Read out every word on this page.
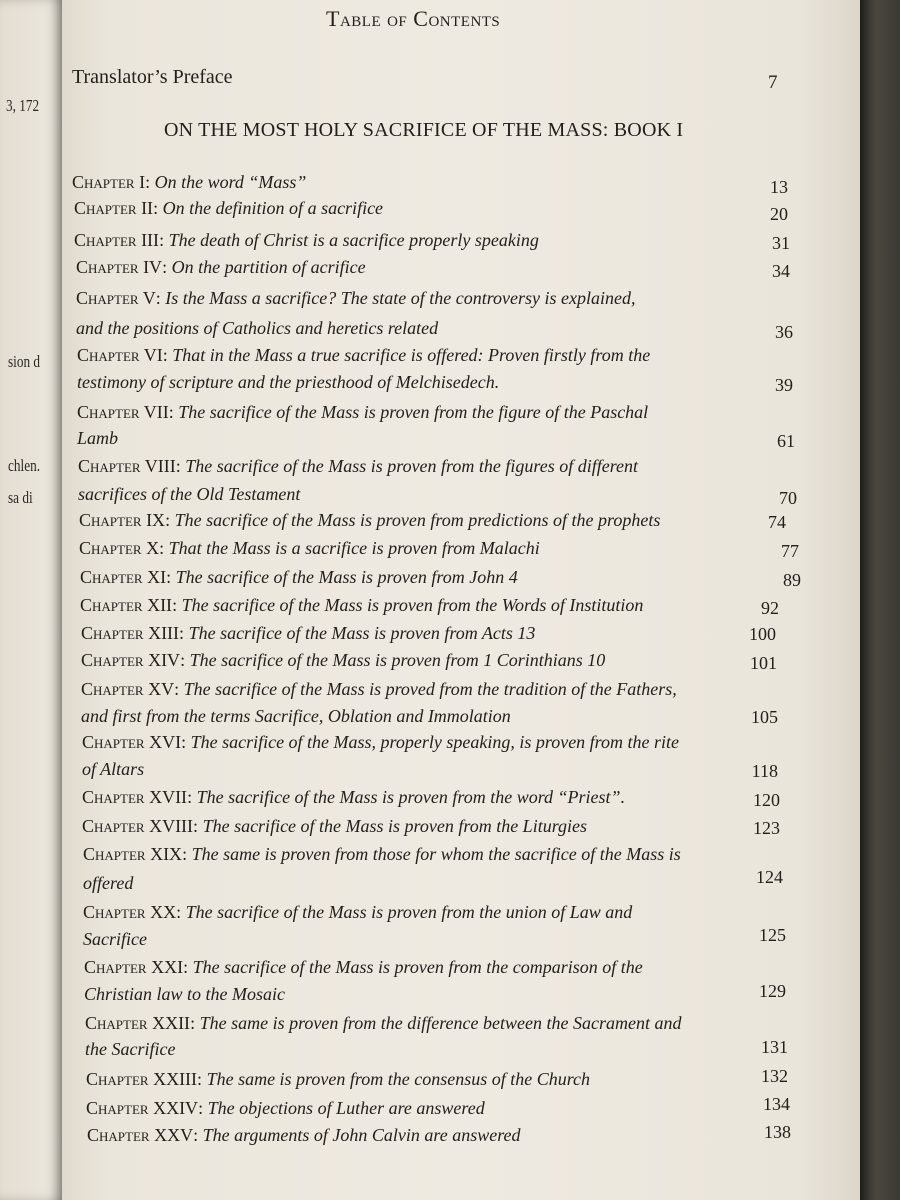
3, 172
sion d
chlen.
sa di
Table of Contents
Translator’s Preface	7
ON THE MOST HOLY SACRIFICE OF THE MASS: BOOK I
Chapter I: On the word “Mass”	13
Chapter II: On the definition of a sacrifice	20
Chapter III: The death of Christ is a sacrifice properly speaking	31
Chapter IV: On the partition of acrifice	34
Chapter V: Is the Mass a sacrifice? The state of the controversy is explained,
and the positions of Catholics and heretics related	36
Chapter VI: That in the Mass a true sacrifice is offered: Proven firstly from the
testimony of scripture and the priesthood of Melchisedech.	39
Chapter VII: The sacrifice of the Mass is proven from the figure of the Paschal
Lamb	61
Chapter VIII: The sacrifice of the Mass is proven from the figures of different
sacrifices of the Old Testament	70
Chapter IX: The sacrifice of the Mass is proven from predictions of the prophets	74
Chapter X: That the Mass is a sacrifice is proven from Malachi	77
Chapter XI: The sacrifice of the Mass is proven from John 4	89
Chapter XII: The sacrifice of the Mass is proven from the Words of Institution	92
Chapter XIII: The sacrifice of the Mass is proven from Acts 13	100
Chapter XIV: The sacrifice of the Mass is proven from 1 Corinthians 10	101
Chapter XV: The sacrifice of the Mass is proved from the tradition of the Fathers,
and first from the terms Sacrifice, Oblation and Immolation	105
Chapter XVI: The sacrifice of the Mass, properly speaking, is proven from the rite
of Altars	118
Chapter XVII: The sacrifice of the Mass is proven from the word “Priest”.	120
Chapter XVIII: The sacrifice of the Mass is proven from the Liturgies	123
Chapter XIX: The same is proven from those for whom the sacrifice of the Mass is
offered	124
Chapter XX: The sacrifice of the Mass is proven from the union of Law and
Sacrifice	125
Chapter XXI: The sacrifice of the Mass is proven from the comparison of the
Christian law to the Mosaic	129
Chapter XXII: The same is proven from the difference between the Sacrament and
the Sacrifice	131
Chapter XXIII: The same is proven from the consensus of the Church	132
Chapter XXIV: The objections of Luther are answered	134
Chapter XXV: The arguments of John Calvin are answered	138
